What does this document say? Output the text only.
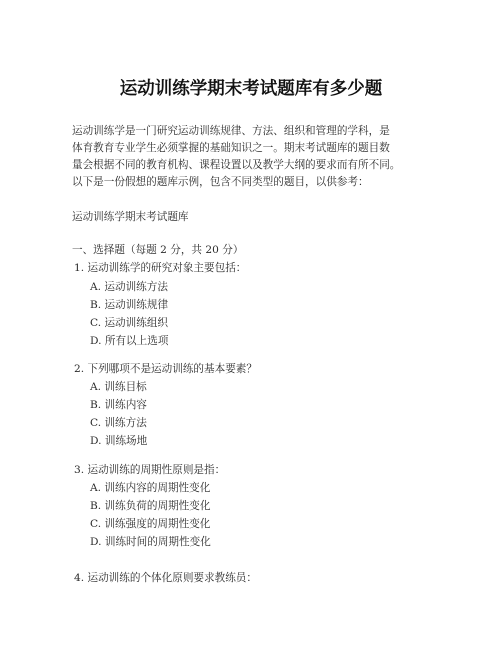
运动训练学期末考试题库有多少题
运动训练学是一门研究运动训练规律、方法、组织和管理的学科，是
体育教育专业学生必须掌握的基础知识之一。期末考试题库的题目数
量会根据不同的教育机构、课程设置以及教学大纲的要求而有所不同。
以下是一份假想的题库示例，包含不同类型的题目，以供参考：
运动训练学期末考试题库
一、选择题（每题 2 分，共 20 分）
1. 运动训练学的研究对象主要包括：
A. 运动训练方法
B. 运动训练规律
C. 运动训练组织
D. 所有以上选项
2. 下列哪项不是运动训练的基本要素？
A. 训练目标
B. 训练内容
C. 训练方法
D. 训练场地
3. 运动训练的周期性原则是指：
A. 训练内容的周期性变化
B. 训练负荷的周期性变化
C. 训练强度的周期性变化
D. 训练时间的周期性变化
4. 运动训练的个体化原则要求教练员：
